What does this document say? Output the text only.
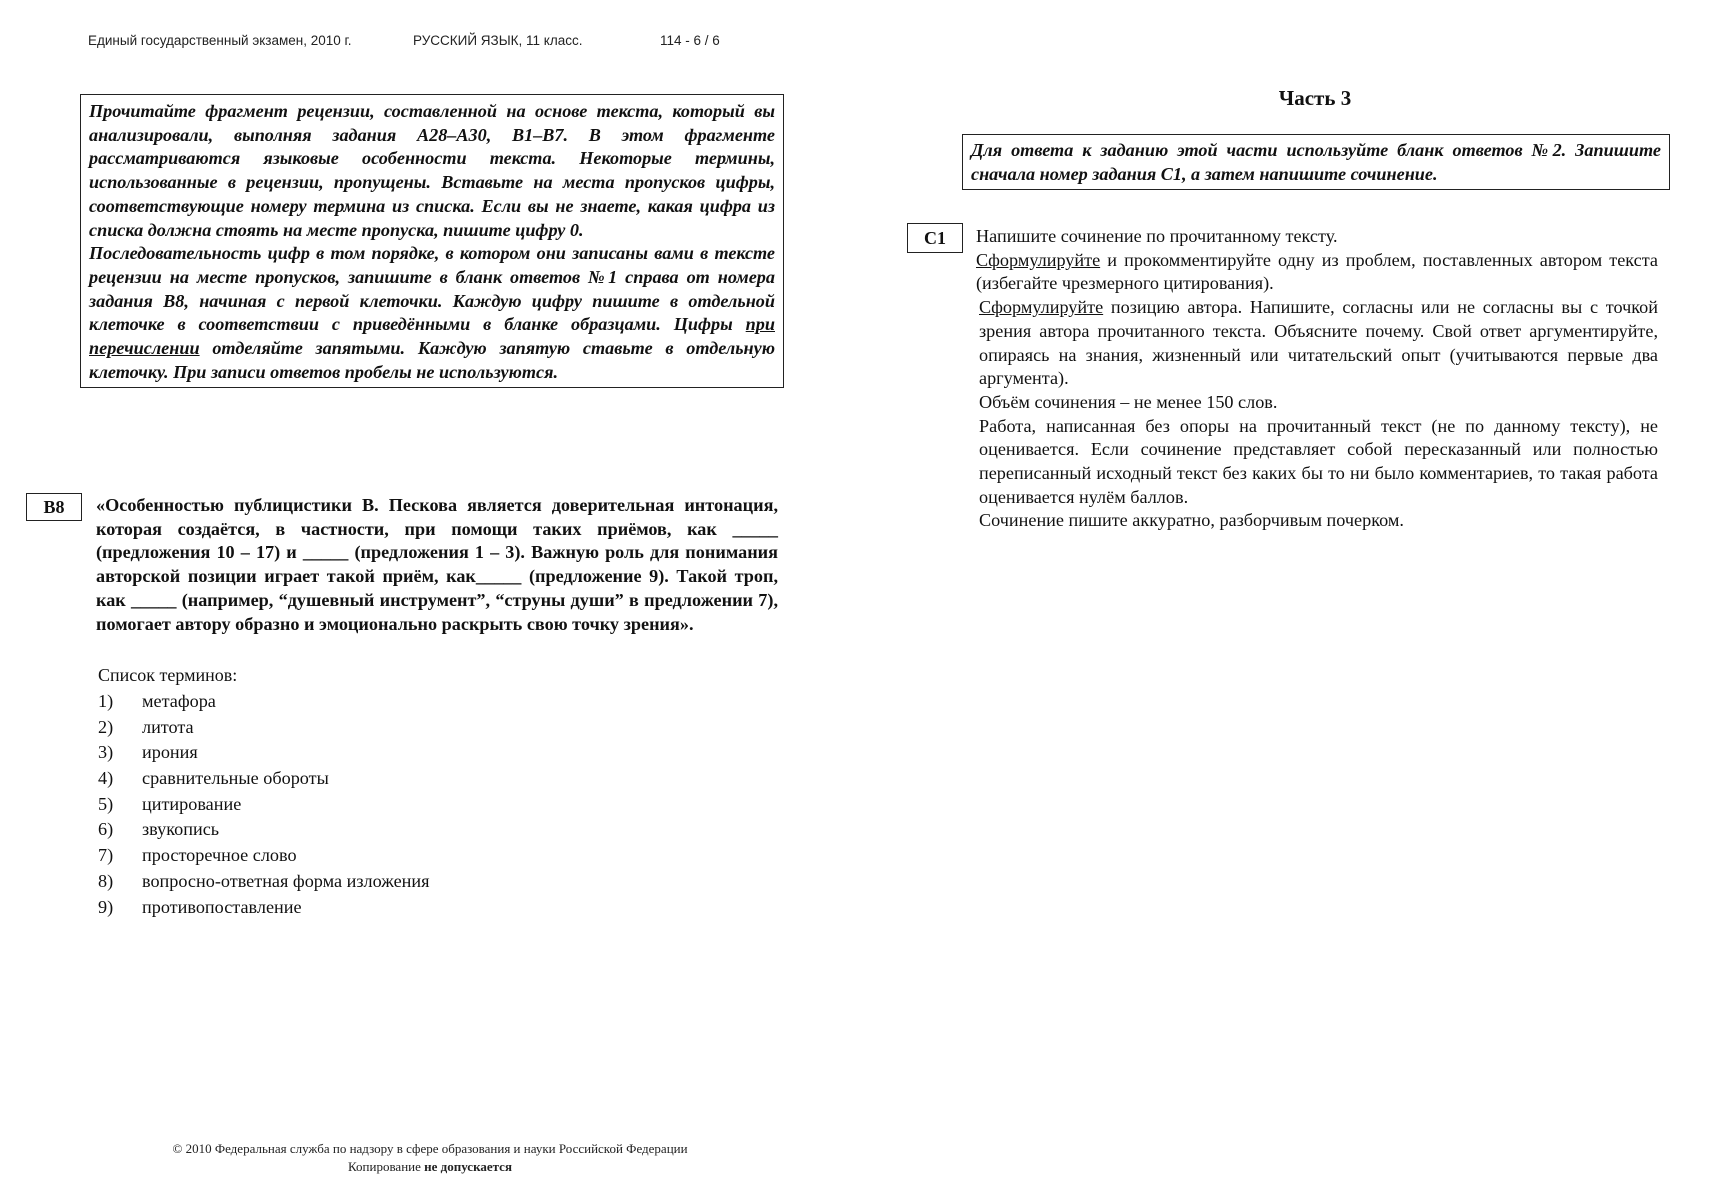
Единый государственный экзамен, 2010 г.	РУССКИЙ ЯЗЫК, 11 класс.	114 - 6 / 6

Прочитайте фрагмент рецензии, составленной на основе текста, который вы анализировали, выполняя задания A28–A30, B1–B7. В этом фрагменте рассматриваются языковые особенности текста. Некоторые термины, использованные в рецензии, пропущены. Вставьте на места пропусков цифры, соответствующие номеру термина из списка. Если вы не знаете, какая цифра из списка должна стоять на месте пропуска, пишите цифру 0.

Последовательность цифр в том порядке, в котором они записаны вами в тексте рецензии на месте пропусков, запишите в бланк ответов №1 справа от номера задания B8, начиная с первой клеточки. Каждую цифру пишите в отдельной клеточке в соответствии с приведёнными в бланке образцами. Цифры при перечислении отделяйте запятыми. Каждую запятую ставьте в отдельную клеточку. При записи ответов пробелы не используются.

B8	«Особенностью публицистики В. Пескова является доверительная интонация, которая создаётся, в частности, при помощи таких приёмов, как _____ (предложения 10 – 17) и _____ (предложения 1 – 3). Важную роль для понимания авторской позиции играет такой приём, как_____ (предложение 9). Такой троп, как _____ (например, “душевный инструмент”, “струны души” в предложении 7), помогает автору образно и эмоционально раскрыть свою точку зрения».
Список терминов:
1) метафора
2) литота
3) ирония
4) сравнительные обороты
5) цитирование
6) звукопись
7) просторечное слово
8) вопросно-ответная форма изложения
9) противопоставление
Часть 3
Для ответа к заданию этой части используйте бланк ответов №2. Запишите сначала номер задания С1, а затем напишите сочинение.
С1	Напишите сочинение по прочитанному тексту.

Сформулируйте и прокомментируйте одну из проблем, поставленных автором текста (избегайте чрезмерного цитирования).

Сформулируйте позицию автора. Напишите, согласны или не согласны вы с точкой зрения автора прочитанного текста. Объясните почему. Свой ответ аргументируйте, опираясь на знания, жизненный или читательский опыт (учитываются первые два аргумента).

Объём сочинения – не менее 150 слов.

Работа, написанная без опоры на прочитанный текст (не по данному тексту), не оценивается. Если сочинение представляет собой пересказанный или полностью переписанный исходный текст без каких бы то ни было комментариев, то такая работа оценивается нулём баллов.

Сочинение пишите аккуратно, разборчивым почерком.

© 2010 Федеральная служба по надзору в сфере образования и науки Российской Федерации
Копирование не допускается
